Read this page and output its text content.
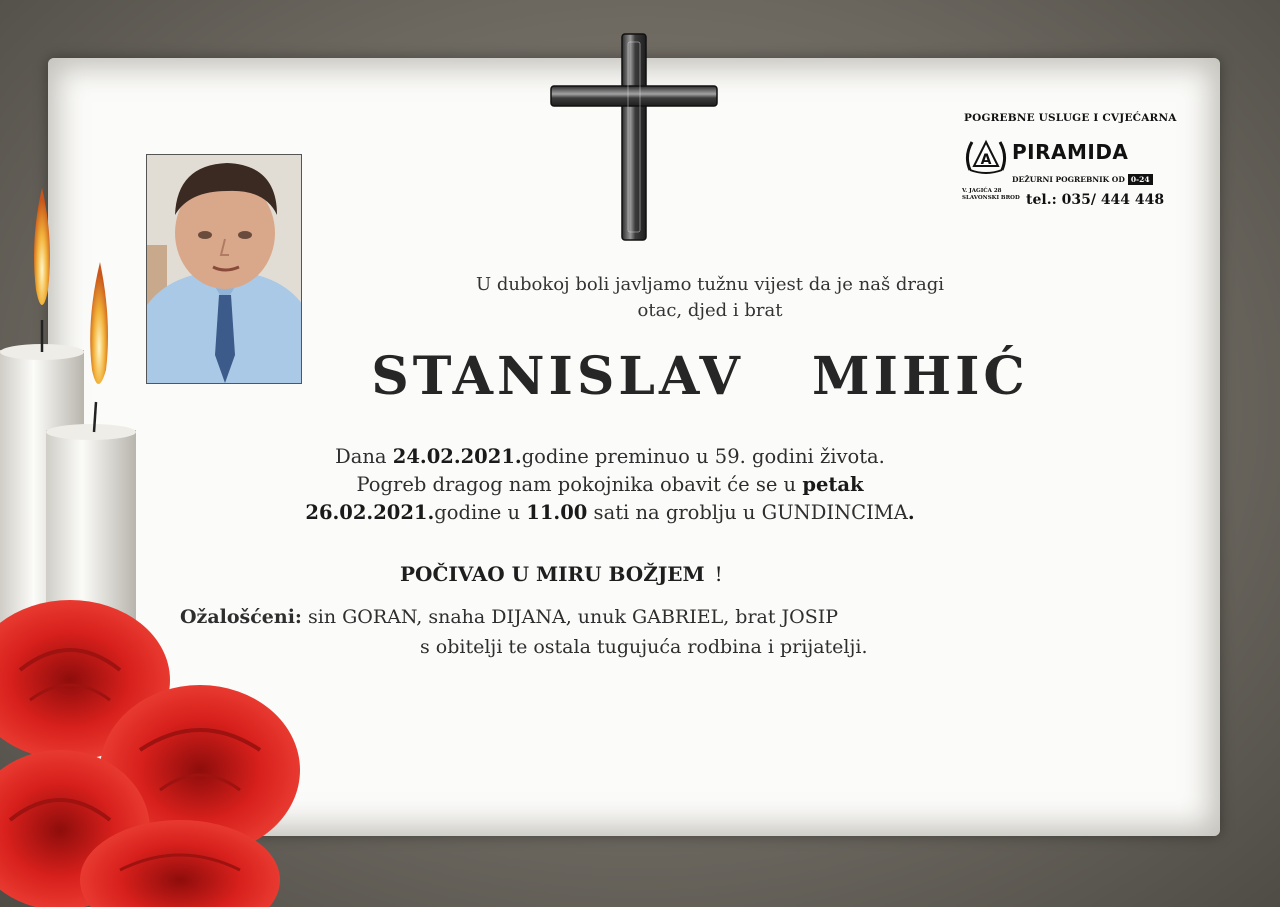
POGREBNE USLUGE I CVJEĆARNA
A PIRAMIDA
DEŽURNI POGREBNIK OD 0-24
V. JAGIĆA 28
SLAVONSKI BROD tel.: 035/ 444 448
U dubokoj boli javljamo tužnu vijest da je naš dragi
otac, djed i brat
STANISLAV  MIHIĆ
Dana 24.02.2021.godine preminuo u 59. godini života.
Pogreb dragog nam pokojnika obavit će se u petak
26.02.2021.godine u 11.00 sati na groblju u GUNDINCIMA.
POČIVAO U MIRU BOŽJEM !
Ožalošćeni: sin GORAN, snaha DIJANA, unuk GABRIEL, brat JOSIP
s obitelji te ostala tugujuća rodbina i prijatelji.
